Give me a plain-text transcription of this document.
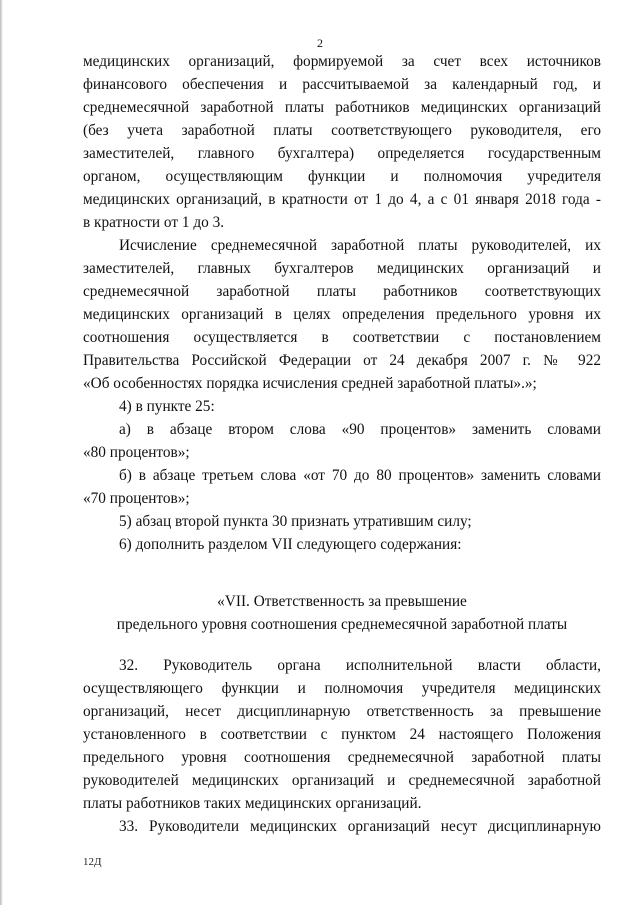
2

медицинских организаций, формируемой за счет всех источников

финансового обеспечения и рассчитываемой за календарный год, и

среднемесячной заработной платы работников медицинских организаций

(без учета заработной платы соответствующего руководителя, его

заместителей, главного бухгалтера) определяется государственным

органом, осуществляющим функции и полномочия учредителя

медицинских организаций, в кратности от 1 до 4, а с 01 января 2018 года -

в кратности от 1 до 3.

Исчисление среднемесячной заработной платы руководителей, их

заместителей, главных бухгалтеров медицинских организаций и

среднемесячной заработной платы работников соответствующих

медицинских организаций в целях определения предельного уровня их

соотношения осуществляется в соответствии с постановлением

Правительства Российской Федерации от 24 декабря 2007 г. № 922

«Об особенностях порядка исчисления средней заработной платы».»;

4) в пункте 25:

а) в абзаце втором слова «90 процентов» заменить словами

«80 процентов»;

б) в абзаце третьем слова «от 70 до 80 процентов» заменить словами

«70 процентов»;

5) абзац второй пункта 30 признать утратившим силу;

6) дополнить разделом VII следующего содержания:

«VII. Ответственность за превышение
предельного уровня соотношения среднемесячной заработной платы

32. Руководитель органа исполнительной власти области,

осуществляющего функции и полномочия учредителя медицинских

организаций, несет дисциплинарную ответственность за превышение

установленного в соответствии с пунктом 24 настоящего Положения

предельного уровня соотношения среднемесячной заработной платы

руководителей медицинских организаций и среднемесячной заработной

платы работников таких медицинских организаций.

33. Руководители медицинских организаций несут дисциплинарную

12Д
